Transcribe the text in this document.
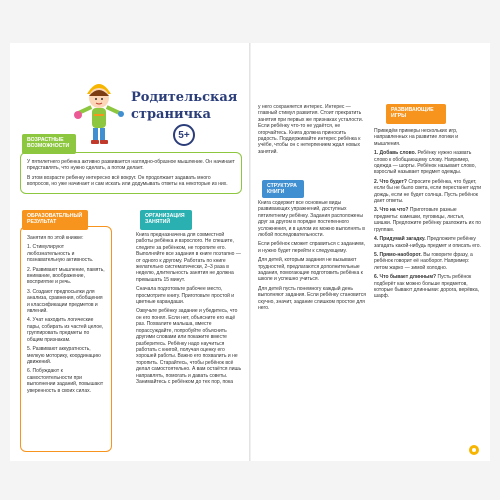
Родительская
страничка
5+
ВОЗРАСТНЫЕ ВОЗМОЖНОСТИ

У пятилетнего ребенка активно развивается наглядно-образное мышление. Он начинает представлять, что нужно сделать, а потом делает.

В этом возрасте ребенку интересно всё вокруг. Он продолжает задавать много вопросов, но уже начинает и сам искать или додумывать ответы на некоторые из них.

ОБРАЗОВАТЕЛЬНЫЙ РЕЗУЛЬТАТ

Занятия по этой книжке:

1. Стимулируют любознательность и познавательную активность.

2. Развивают мышление, память, внимание, воображение, восприятие и речь.

3. Создают предпосылки для анализа, сравнения, обобщения и классификации предметов и явлений.

4. Учат находить логические пары, собирать из частей целое, группировать предметы по общим признакам.

5. Развивают аккуратность, мелкую моторику, координацию движений.

6. Побуждают к самостоятельности при выполнении заданий, повышают уверенность в своих силах.

ОРГАНИЗАЦИЯ ЗАНЯТИЙ

Книга предназначена для совместной работы ребёнка и взрослого. Не спешите, следите за ребёнком, не торопите его. Выполняйте все задания в книге поэтапно — от одного к другому. Работать по книге желательно систематически, 2–3 раза в неделю, длительность занятия не должна превышать 15 минут.

Сначала подготовьте рабочее место, просмотрите книгу. Приготовьте простой и цветные карандаши.

Озвучьте ребёнку задание и убедитесь, что он его понял. Если нет, объясните его ещё раз. Похвалите малыша, вместе порассуждайте, попробуйте объяснить другими словами или покажите вместе разберитесь. Ребёнку надо научиться работать с книгой, получая оценку его хорошей работы. Важно его похвалить и не торопить. Старайтесь, чтобы ребёнок всё делал самостоятельно. А вам остаётся лишь направлять, помогать и давать советы. Занимайтесь с ребёнком до тех пор, пока

у него сохраняется интерес. Интерес — главный стимул развития. Стоит прекратить занятия при первых же признаках усталости. Если ребёнку что-то не удаётся, не огорчайтесь. Книга должна приносить радость. Поддерживайте интерес ребёнка к учёбе, чтобы он с нетерпением ждал новых занятий.

СТРУКТУРА КНИГИ

Книга содержит все основные виды развивающих упражнений, доступных пятилетнему ребёнку. Задания расположены друг за другом в порядке постепенного усложнения, и в целом их можно выполнять в любой последовательности.

Если ребёнок сможет справиться с заданием, и нужно будет перейти к следующему.

Для детей, которым задания не вызывают трудностей, предлагаются дополнительные задания, помогающие подготовить ребёнка к школе и успешно учиться.

Для детей пусть понемногу каждый день выполняют задания. Если ребёнку становится скучно, значит, задание слишком простое для него.

РАЗВИВАЮЩИЕ ИГРЫ

Приведём примеры нескольких игр, направленных на развитие логики и мышления.

1. Добавь слово. Ребёнку нужно назвать слово к обобщающему слову. Например, одежда — шорты. Ребёнок называет слово, взрослый называет предмет одежды.

2. Что будет? Спросите ребёнка, что будет, если бы не было света, если перестанет идти дождь, если не будет солнца. Пусть ребёнок дает ответы.

3. Что на что? Приготовьте разные предметы: камешки, пуговицы, листья, шишки. Предложите ребёнку разложить их по группам.

4. Придумай загадку. Предложите ребёнку загадать какой-нибудь предмет и описать его.

5. Прямо-наоборот. Вы говорите фразу, а ребёнок говорит её наоборот. Например: летом жарко — зимой холодно.

6. Что бывает длинным? Пусть ребёнок подберёт как можно больше предметов, которые бывают длинными: дорога, верёвка, шарф.
